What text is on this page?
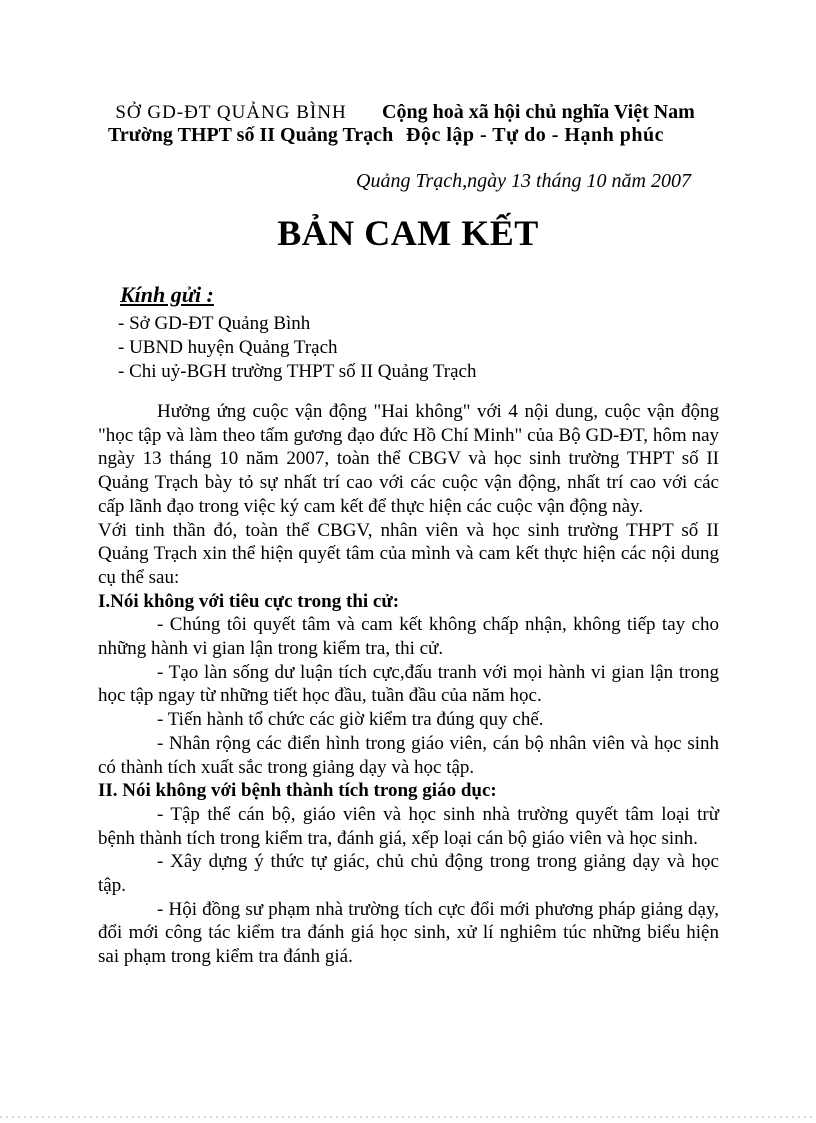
SỞ GD-ĐT QUẢNG BÌNH
Trường THPT số II Quảng Trạch
Cộng hoà xã hội chủ nghĩa Việt Nam
Độc lập - Tự do - Hạnh phúc
Quảng Trạch,ngày 13 tháng 10 năm 2007
BẢN CAM KẾT
Kính gửi :
- Sở GD-ĐT Quảng Bình
- UBND huyện Quảng Trạch
- Chi uỷ-BGH trường THPT số II Quảng Trạch

Hưởng ứng cuộc vận động "Hai không" với 4 nội dung, cuộc vận động "học tập và làm theo tấm gương đạo đức Hồ Chí Minh" của Bộ GD-ĐT, hôm nay ngày 13 tháng 10 năm 2007, toàn thể CBGV và học sinh trường THPT số II Quảng Trạch bày tỏ sự nhất trí cao với các cuộc vận động, nhất trí cao với các cấp lãnh đạo trong việc ký cam kết để thực hiện các cuộc vận động này.

Với tinh thần đó, toàn thể CBGV, nhân viên và học sinh trường THPT số II Quảng Trạch xin thể hiện quyết tâm của mình và cam kết thực hiện các nội dung cụ thể sau:

I.Nói không với tiêu cực trong thi cử:

- Chúng tôi quyết tâm và cam kết không chấp nhận, không tiếp tay cho những hành vi gian lận trong kiểm tra, thi cử.

- Tạo làn sống dư luận tích cực,đấu tranh với mọi hành vi gian lận trong học tập ngay từ những tiết học đầu, tuần đầu của năm học.

- Tiến hành tổ chức các giờ kiểm tra đúng quy chế.

- Nhân rộng các điển hình trong giáo viên, cán bộ nhân viên và học sinh có thành tích xuất sắc trong giảng dạy và học tập.

II. Nói không với bệnh thành tích trong giáo dục:

- Tập thể cán bộ, giáo viên và học sinh nhà trường quyết tâm loại trừ bệnh thành tích trong kiểm tra, đánh giá, xếp loại cán bộ giáo viên và học sinh.

- Xây dựng ý thức tự giác, chủ chủ động trong trong giảng dạy và học tập.

- Hội đồng sư phạm nhà trường tích cực đổi mới phương pháp giảng dạy, đổi mới công tác kiểm tra đánh giá học sinh, xử lí nghiêm túc những biểu hiện sai phạm trong kiểm tra đánh giá.
